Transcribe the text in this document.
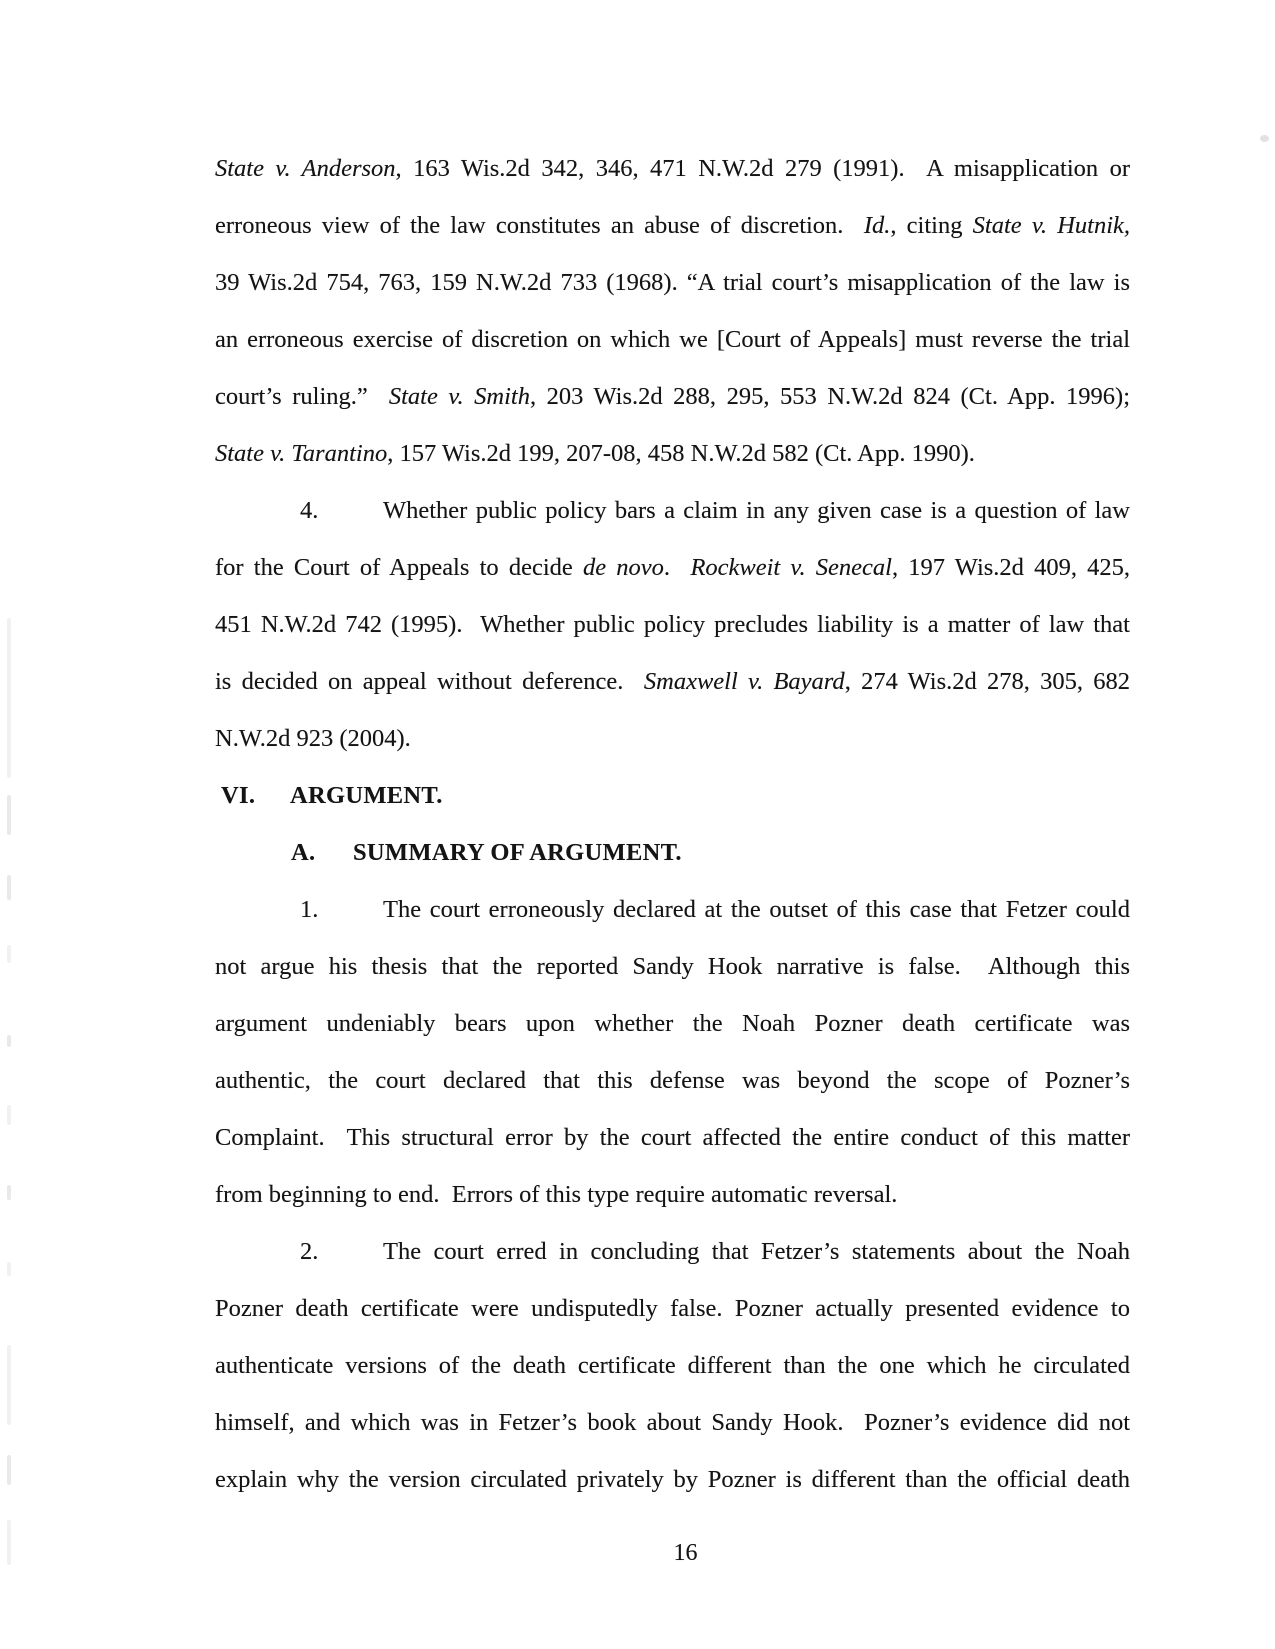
State v. Anderson, 163 Wis.2d 342, 346, 471 N.W.2d 279 (1991).  A misapplication or
erroneous view of the law constitutes an abuse of discretion.  Id., citing State v. Hutnik,
39 Wis.2d 754, 763, 159 N.W.2d 733 (1968). “A trial court’s misapplication of the law is
an erroneous exercise of discretion on which we [Court of Appeals] must reverse the trial
court’s ruling.”  State v. Smith, 203 Wis.2d 288, 295, 553 N.W.2d 824 (Ct. App. 1996);
State v. Tarantino, 157 Wis.2d 199, 207-08, 458 N.W.2d 582 (Ct. App. 1990).
4.	Whether public policy bars a claim in any given case is a question of law
for the Court of Appeals to decide de novo.  Rockweit v. Senecal, 197 Wis.2d 409, 425,
451 N.W.2d 742 (1995).  Whether public policy precludes liability is a matter of law that
is decided on appeal without deference.  Smaxwell v. Bayard, 274 Wis.2d 278, 305, 682
N.W.2d 923 (2004).
VI. ARGUMENT.
A. SUMMARY OF ARGUMENT.
1.	The court erroneously declared at the outset of this case that Fetzer could
not argue his thesis that the reported Sandy Hook narrative is false.  Although this
argument undeniably bears upon whether the Noah Pozner death certificate was
authentic, the court declared that this defense was beyond the scope of Pozner’s
Complaint.  This structural error by the court affected the entire conduct of this matter
from beginning to end.  Errors of this type require automatic reversal.
2.	The court erred in concluding that Fetzer’s statements about the Noah
Pozner death certificate were undisputedly false. Pozner actually presented evidence to
authenticate versions of the death certificate different than the one which he circulated
himself, and which was in Fetzer’s book about Sandy Hook.  Pozner’s evidence did not
explain why the version circulated privately by Pozner is different than the official death
16
